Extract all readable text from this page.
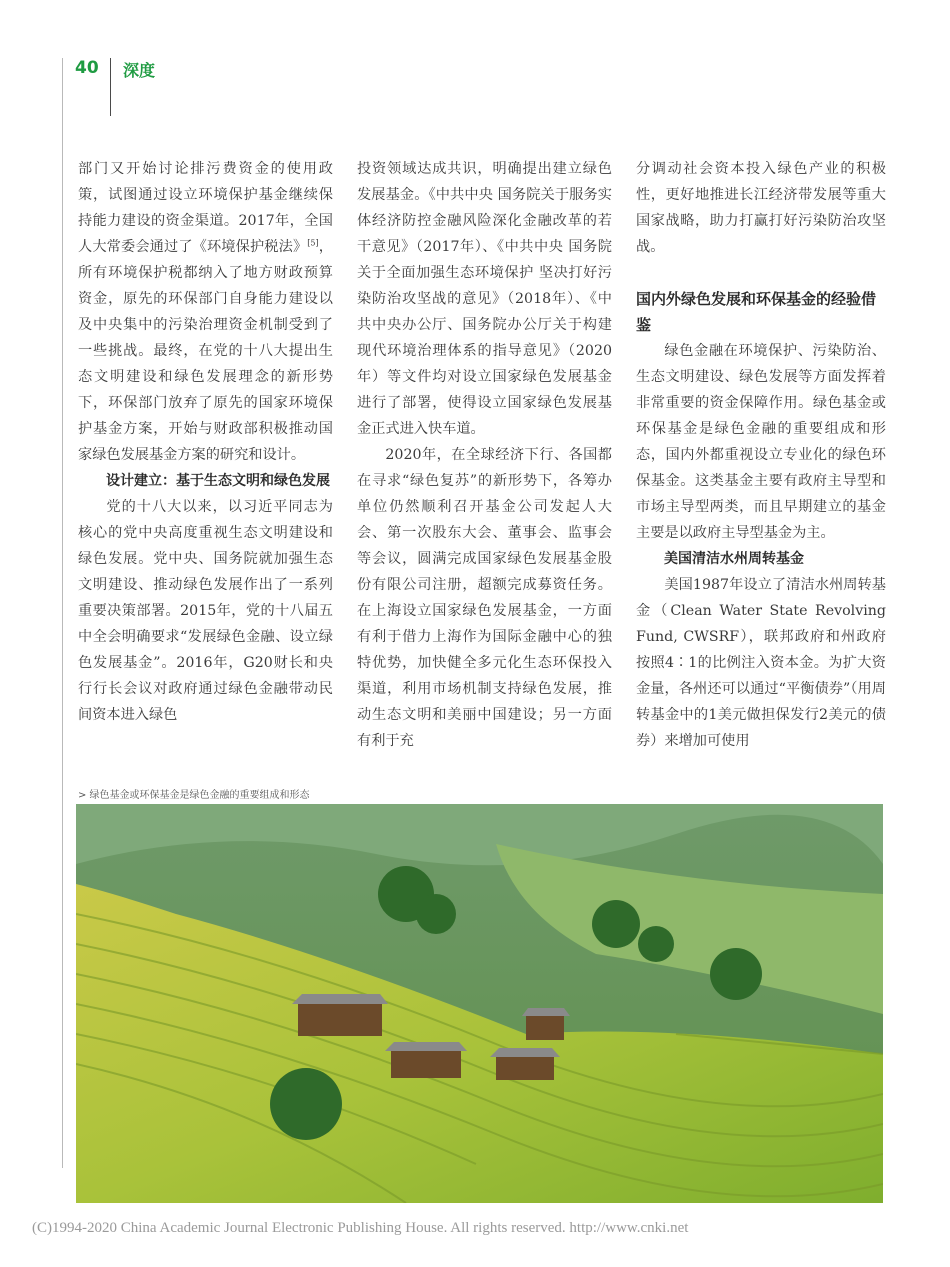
40 深度

部门又开始讨论排污费资金的使用政策，试图通过设立环境保护基金继续保持能力建设的资金渠道。2017年，全国人大常委会通过了《环境保护税法》[5]，所有环境保护税都纳入了地方财政预算资金，原先的环保部门自身能力建设以及中央集中的污染治理资金机制受到了一些挑战。最终，在党的十八大提出生态文明建设和绿色发展理念的新形势下，环保部门放弃了原先的国家环境保护基金方案，开始与财政部积极推动国家绿色发展基金方案的研究和设计。

设计建立：基于生态文明和绿色发展

党的十八大以来，以习近平同志为核心的党中央高度重视生态文明建设和绿色发展。党中央、国务院就加强生态文明建设、推动绿色发展作出了一系列重要决策部署。2015年，党的十八届五中全会明确要求“发展绿色金融、设立绿色发展基金”。2016年，G20财长和央行行长会议对政府通过绿色金融带动民间资本进入绿色

投资领域达成共识，明确提出建立绿色发展基金。《中共中央 国务院关于服务实体经济防控金融风险深化金融改革的若干意见》（2017年）、《中共中央 国务院关于全面加强生态环境保护 坚决打好污染防治攻坚战的意见》（2018年）、《中共中央办公厅、国务院办公厅关于构建现代环境治理体系的指导意见》（2020年）等文件均对设立国家绿色发展基金进行了部署，使得设立国家绿色发展基金正式进入快车道。

2020年，在全球经济下行、各国都在寻求“绿色复苏”的新形势下，各筹办单位仍然顺利召开基金公司发起人大会、第一次股东大会、董事会、监事会等会议，圆满完成国家绿色发展基金股份有限公司注册，超额完成募资任务。在上海设立国家绿色发展基金，一方面有利于借力上海作为国际金融中心的独特优势，加快健全多元化生态环保投入渠道，利用市场机制支持绿色发展，推动生态文明和美丽中国建设；另一方面有利于充

分调动社会资本投入绿色产业的积极性，更好地推进长江经济带发展等重大国家战略，助力打赢打好污染防治攻坚战。

国内外绿色发展和环保基金的经验借鉴

绿色金融在环境保护、污染防治、生态文明建设、绿色发展等方面发挥着非常重要的资金保障作用。绿色基金或环保基金是绿色金融的重要组成和形态，国内外都重视设立专业化的绿色环保基金。这类基金主要有政府主导型和市场主导型两类，而且早期建立的基金主要是以政府主导型基金为主。

美国清洁水州周转基金

美国1987年设立了清洁水州周转基金（Clean Water State Revolving Fund, CWSRF），联邦政府和州政府按照4∶1的比例注入资本金。为扩大资金量，各州还可以通过“平衡债券”（用周转基金中的1美元做担保发行2美元的债券）来增加可使用

> 绿色基金或环保基金是绿色金融的重要组成和形态
(C)1994-2020 China Academic Journal Electronic Publishing House. All rights reserved. http://www.cnki.net
